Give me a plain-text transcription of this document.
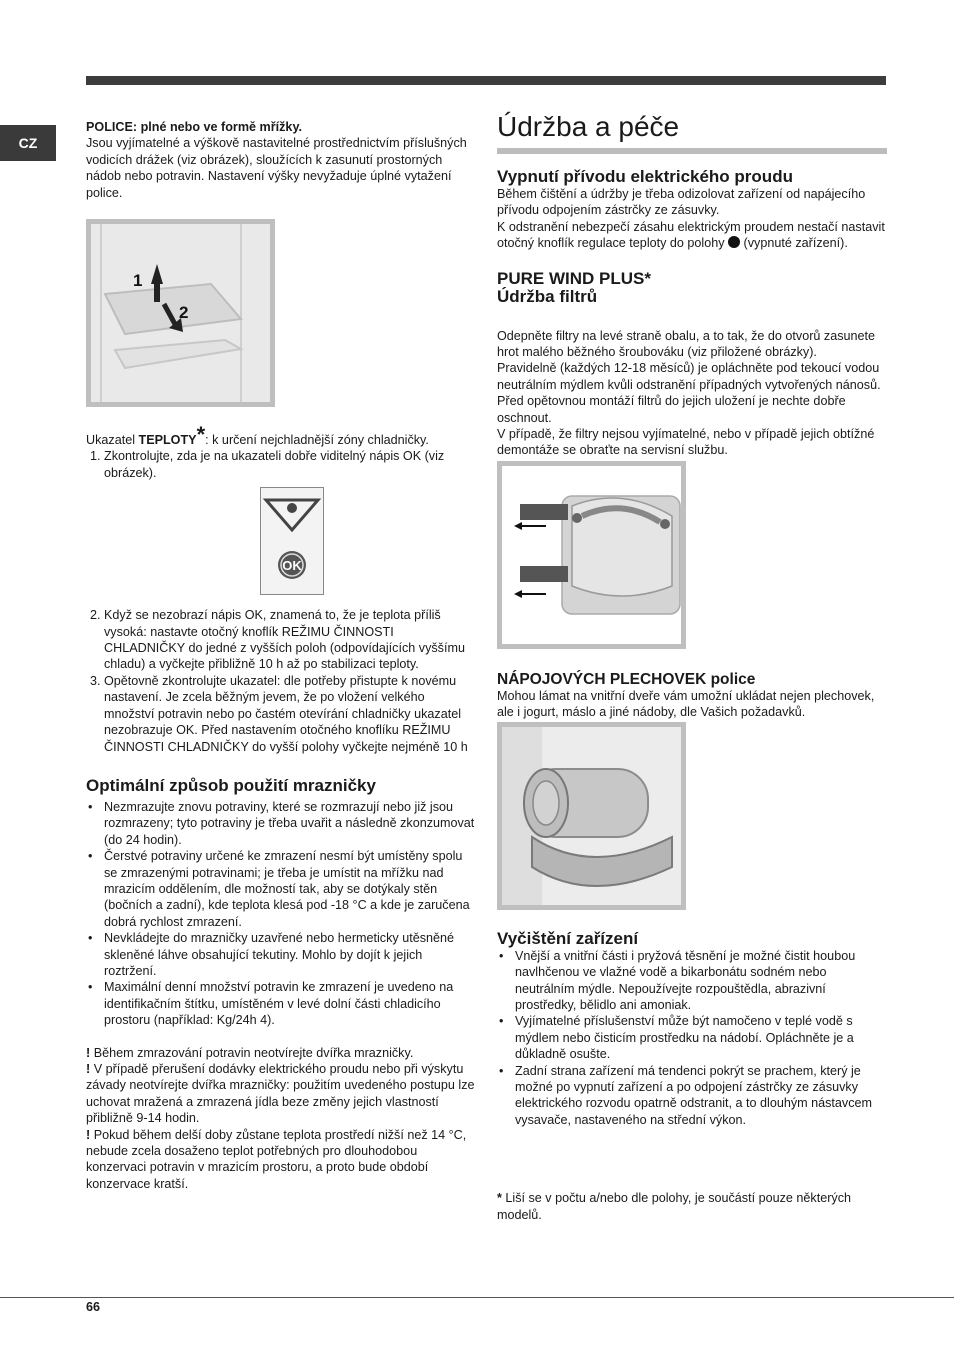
CZ

POLICE: plné nebo ve formě mřížky.

Jsou vyjímatelné a výškově nastavitelné prostřednictvím příslušných vodicích drážek (viz obrázek), sloužících k zasunutí prostorných nádob nebo potravin. Nastavení výšky nevyžaduje úplné vytažení police.

1
2

Ukazatel TEPLOTY*: k určení nejchladnější zóny chladničky.

1. Zkontrolujte, zda je na ukazateli dobře viditelný nápis OK (viz obrázek).
OK
2. Když se nezobrazí nápis OK, znamená to, že je teplota příliš vysoká: nastavte otočný knoflík REŽIMU ČINNOSTI CHLADNIČKY do jedné z vyšších poloh (odpovídajících vyššímu chladu) a vyčkejte přibližně 10 h až po stabilizaci teploty.
3. Opětovně zkontrolujte ukazatel: dle potřeby přistupte k novému nastavení. Je zcela běžným jevem, že po vložení velkého množství potravin nebo po častém otevírání chladničky ukazatel nezobrazuje OK. Před nastavením otočného knoflíku REŽIMU ČINNOSTI CHLADNIČKY do vyšší polohy vyčkejte nejméně 10 h
Optimální způsob použití mrazničky
• Nezmrazujte znovu potraviny, které se rozmrazují nebo již jsou rozmrazeny; tyto potraviny je třeba uvařit a následně zkonzumovat (do 24 hodin).
• Čerstvé potraviny určené ke zmrazení nesmí být umístěny spolu se zmrazenými potravinami; je třeba je umístit na mřížku nad mrazicím oddělením, dle možností tak, aby se dotýkaly stěn (bočních a zadní), kde teplota klesá pod -18 °C a kde je zaručena dobrá rychlost zmrazení.
• Nevkládejte do mrazničky uzavřené nebo hermeticky utěsněné skleněné láhve obsahující tekutiny. Mohlo by dojít k jejich roztržení.
• Maximální denní množství potravin ke zmrazení je uvedeno na identifikačním štítku, umístěném v levé dolní části chladicího prostoru (například: Kg/24h 4).

! Během zmrazování potravin neotvírejte dvířka mrazničky.

! V případě přerušení dodávky elektrického proudu nebo při výskytu závady neotvírejte dvířka mrazničky: použitím uvedeného postupu lze uchovat mražená a zmrazená jídla beze změny jejich vlastností přibližně 9-14 hodin.

! Pokud během delší doby zůstane teplota prostředí nižší než 14 °C, nebude zcela dosaženo teplot potřebných pro dlouhodobou konzervaci potravin v mrazicím prostoru, a proto bude období konzervace kratší.

Údržba a péče
Vypnutí přívodu elektrického proudu

Během čištění a údržby je třeba odizolovat zařízení od napájecího přívodu odpojením zástrčky ze zásuvky.

K odstranění nebezpečí zásahu elektrickým proudem nestačí nastavit otočný knoflík regulace teploty do polohy  (vypnuté zařízení).

PURE WIND PLUS*
Údržba filtrů

Odepněte filtry na levé straně obalu, a to tak, že do otvorů zasunete hrot malého běžného šroubováku (viz přiložené obrázky).

Pravidelně (každých 12-18 měsíců) je opláchněte pod tekoucí vodou neutrálním mýdlem kvůli odstranění případných vytvořených nánosů. Před opětovnou montáží filtrů do jejich uložení je nechte dobře oschnout.

V případě, že filtry nejsou vyjímatelné, nebo v případě jejich obtížné demontáže se obraťte na servisní službu.

NÁPOJOVÝCH PLECHOVEK police

Mohou lámat na vnitřní dveře vám umožní ukládat nejen plechovek, ale i jogurt, máslo a jiné nádoby, dle Vašich požadavků.

Vyčištění zařízení
• Vnější a vnitřní části i pryžová těsnění je možné čistit houbou navlhčenou ve vlažné vodě a bikarbonátu sodném nebo neutrálním mýdle. Nepoužívejte rozpouštědla, abrazivní prostředky, bělidlo ani amoniak.
• Vyjímatelné příslušenství může být namočeno v teplé vodě s mýdlem nebo čisticím prostředku na nádobí. Opláchněte je a důkladně osušte.
• Zadní strana zařízení má tendenci pokrýt se prachem, který je možné po vypnutí zařízení a po odpojení zástrčky ze zásuvky elektrického rozvodu opatrně odstranit, a to dlouhým nástavcem vysavače, nastaveného na střední výkon.

* Liší se v počtu a/nebo dle polohy, je součástí pouze některých modelů.

66
